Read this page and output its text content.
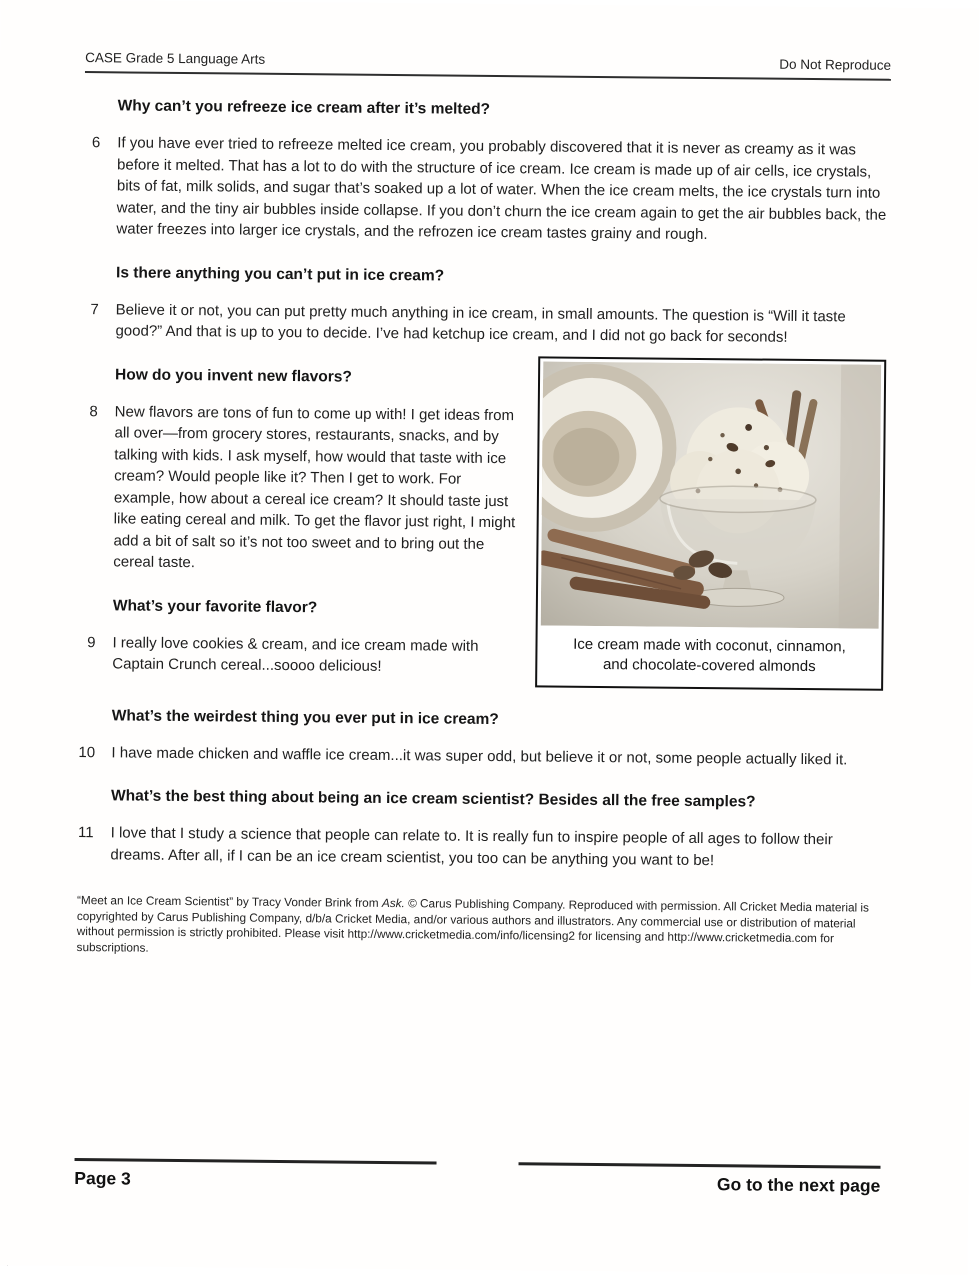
CASE Grade 5 Language Arts	Do Not Reproduce
Why can’t you refreeze ice cream after it’s melted?
6 If you have ever tried to refreeze melted ice cream, you probably discovered that it is never as creamy as it was before it melted. That has a lot to do with the structure of ice cream. Ice cream is made up of air cells, ice crystals, bits of fat, milk solids, and sugar that’s soaked up a lot of water. When the ice cream melts, the ice crystals turn into water, and the tiny air bubbles inside collapse. If you don’t churn the ice cream again to get the air bubbles back, the water freezes into larger ice crystals, and the refrozen ice cream tastes grainy and rough.

Is there anything you can’t put in ice cream?
7 Believe it or not, you can put pretty much anything in ice cream, in small amounts. The question is “Will it taste good?” And that is up to you to decide. I’ve had ketchup ice cream, and I did not go back for seconds!

How do you invent new flavors?
8 New flavors are tons of fun to come up with! I get ideas from all over—from grocery stores, restaurants, snacks, and by talking with kids. I ask myself, how would that taste with ice cream? Would people like it? Then I get to work. For example, how about a cereal ice cream? It should taste just like eating cereal and milk. To get the flavor just right, I might add a bit of salt so it’s not too sweet and to bring out the cereal taste.

What’s your favorite flavor?
9 I really love cookies & cream, and ice cream made with Captain Crunch cereal...soooo delicious!

Ice cream made with coconut, cinnamon, and chocolate-covered almonds
What’s the weirdest thing you ever put in ice cream?
10 I have made chicken and waffle ice cream...it was super odd, but believe it or not, some people actually liked it.

What’s the best thing about being an ice cream scientist? Besides all the free samples?
11 I love that I study a science that people can relate to. It is really fun to inspire people of all ages to follow their dreams. After all, if I can be an ice cream scientist, you too can be anything you want to be!

“Meet an Ice Cream Scientist” by Tracy Vonder Brink from Ask. © Carus Publishing Company. Reproduced with permission. All Cricket Media material is copyrighted by Carus Publishing Company, d/b/a Cricket Media, and/or various authors and illustrators. Any commercial use or distribution of material without permission is strictly prohibited. Please visit http://www.cricketmedia.com/info/licensing2 for licensing and http://www.cricketmedia.com for subscriptions.
Page 3	Go to the next page
